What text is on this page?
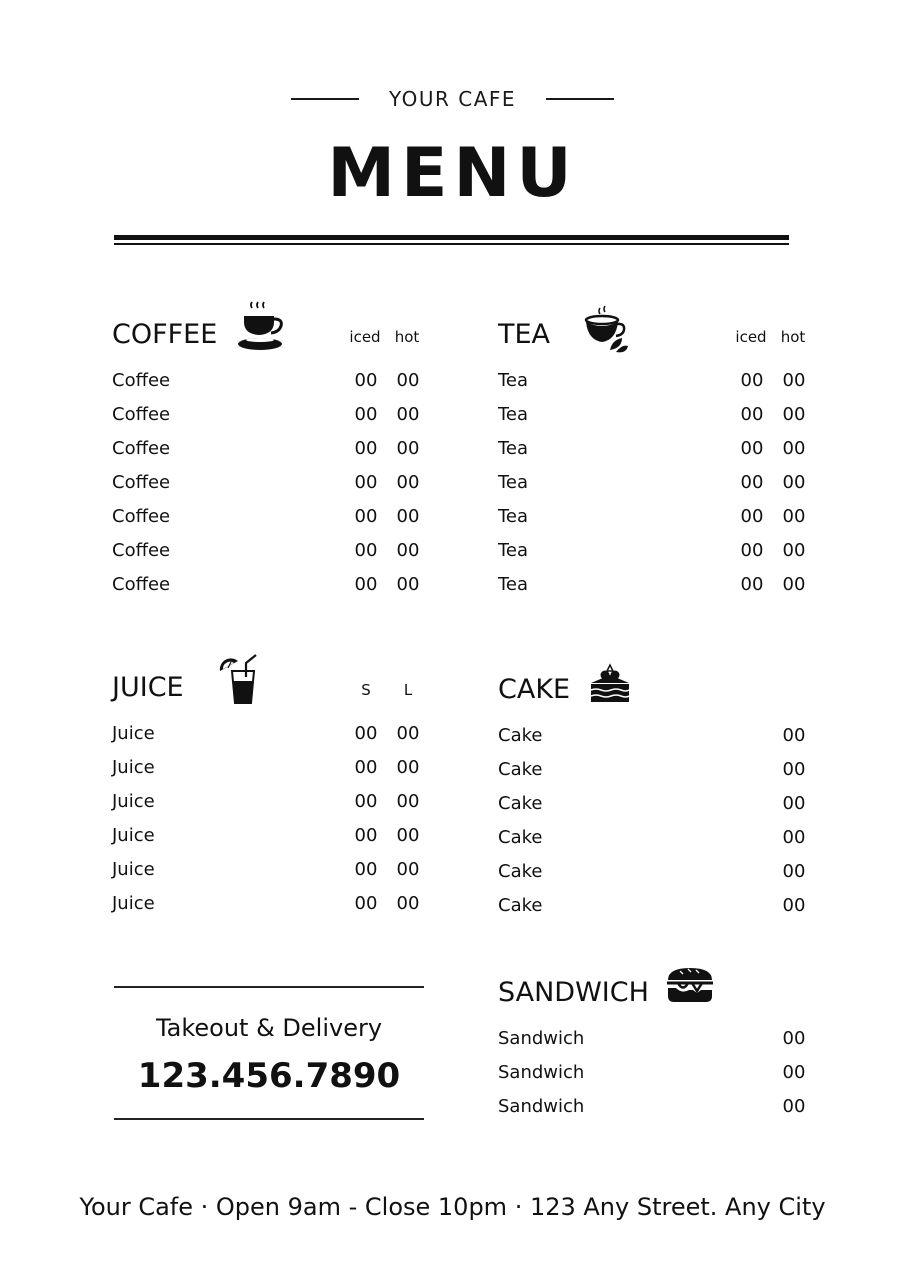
YOUR CAFE
MENU
COFFEE	iced hot
Coffee	00	00
Coffee	00	00
Coffee	00	00
Coffee	00	00
Coffee	00	00
Coffee	00	00
Coffee	00	00
TEA	iced hot
Tea	00	00
Tea	00	00
Tea	00	00
Tea	00	00
Tea	00	00
Tea	00	00
Tea	00	00
JUICE	S	L
Juice	00	00
Juice	00	00
Juice	00	00
Juice	00	00
Juice	00	00
Juice	00	00
CAKE
Cake	00
Cake	00
Cake	00
Cake	00
Cake	00
Cake	00
SANDWICH
Sandwich	00
Sandwich	00
Sandwich	00
Takeout & Delivery
123.456.7890
Your Cafe · Open 9am - Close 10pm · 123 Any Street. Any City
